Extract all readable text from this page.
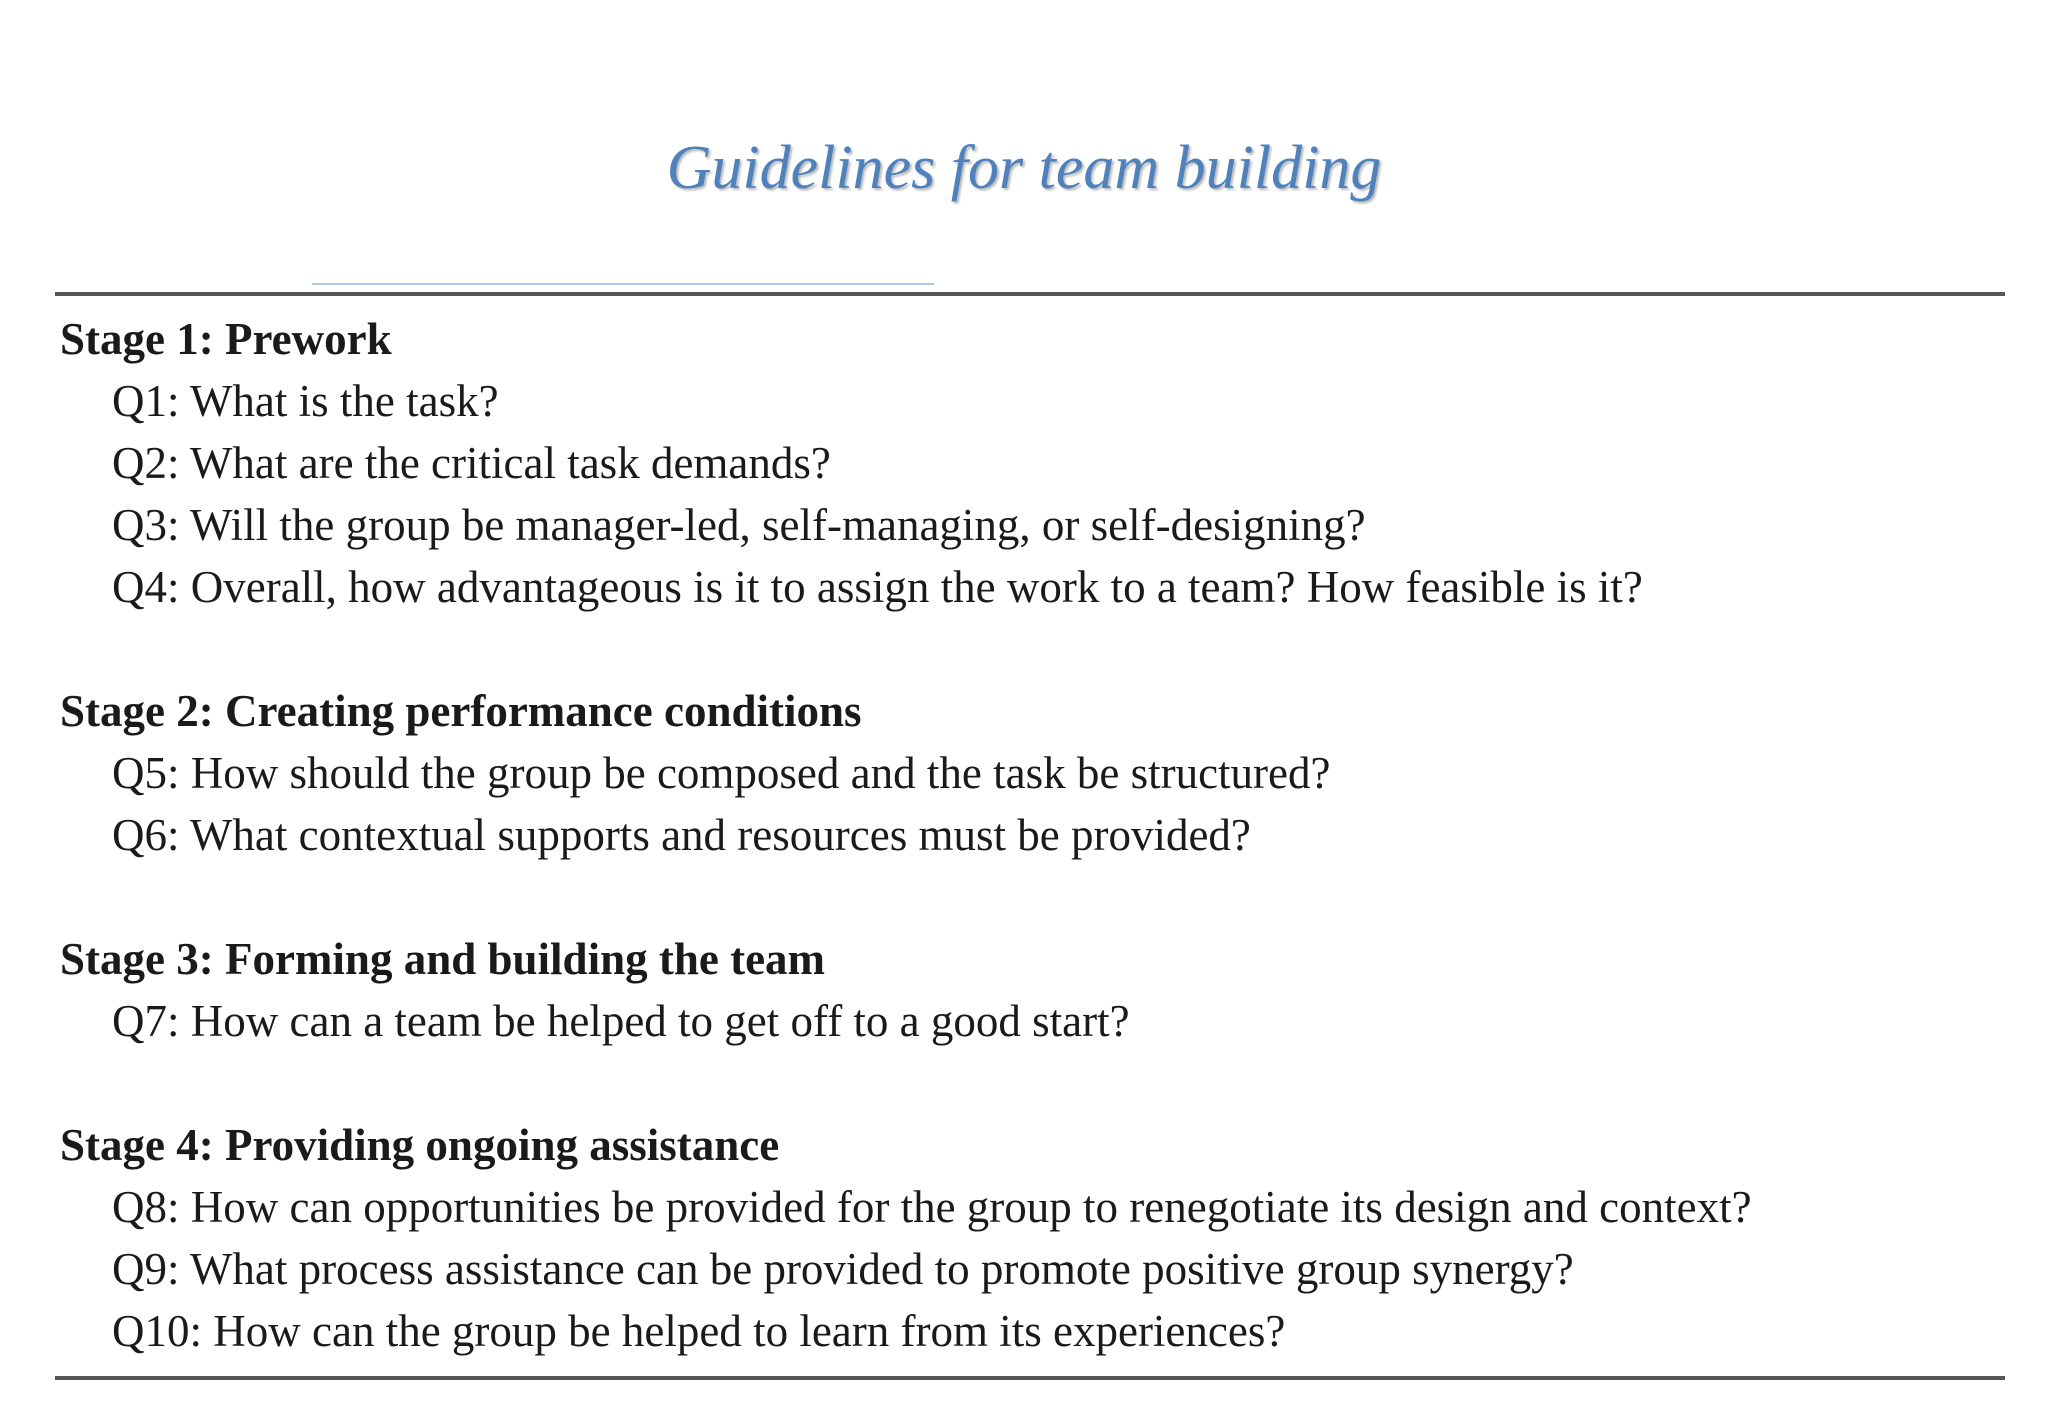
Guidelines for team building
Stage 1: Prework
Q1: What is the task?
Q2: What are the critical task demands?
Q3: Will the group be manager-led, self-managing, or self-designing?
Q4: Overall, how advantageous is it to assign the work to a team? How feasible is it?
Stage 2: Creating performance conditions
Q5: How should the group be composed and the task be structured?
Q6: What contextual supports and resources must be provided?
Stage 3: Forming and building the team
Q7: How can a team be helped to get off to a good start?
Stage 4: Providing ongoing assistance
Q8: How can opportunities be provided for the group to renegotiate its design and context?
Q9: What process assistance can be provided to promote positive group synergy?
Q10: How can the group be helped to learn from its experiences?
